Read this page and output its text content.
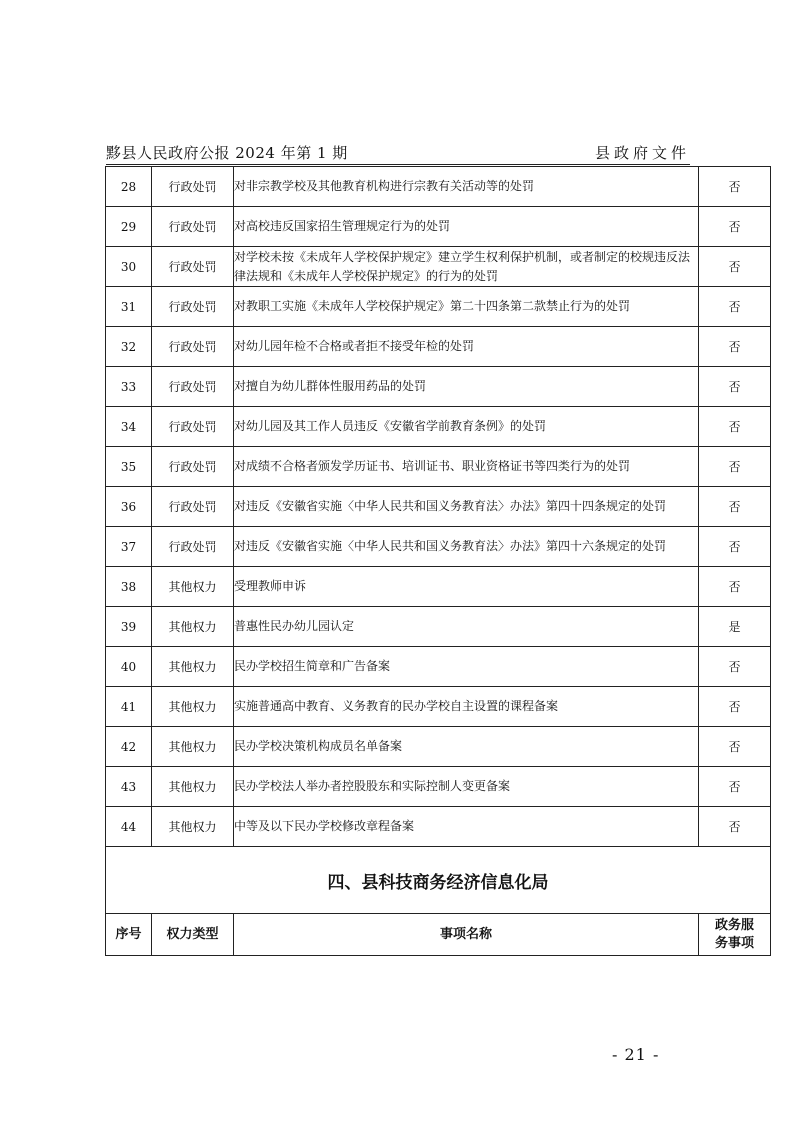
黟县人民政府公报 2024 年第 1 期	县政府文件
28	行政处罚	对非宗教学校及其他教育机构进行宗教有关活动等的处罚	否
29	行政处罚	对高校违反国家招生管理规定行为的处罚	否
30	行政处罚	对学校未按《未成年人学校保护规定》建立学生权利保护机制，或者制定的校规违反法律法规和《未成年人学校保护规定》的行为的处罚	否
31	行政处罚	对教职工实施《未成年人学校保护规定》第二十四条第二款禁止行为的处罚	否
32	行政处罚	对幼儿园年检不合格或者拒不接受年检的处罚	否
33	行政处罚	对擅自为幼儿群体性服用药品的处罚	否
34	行政处罚	对幼儿园及其工作人员违反《安徽省学前教育条例》的处罚	否
35	行政处罚	对成绩不合格者颁发学历证书、培训证书、职业资格证书等四类行为的处罚	否
36	行政处罚	对违反《安徽省实施〈中华人民共和国义务教育法〉办法》第四十四条规定的处罚	否
37	行政处罚	对违反《安徽省实施〈中华人民共和国义务教育法〉办法》第四十六条规定的处罚	否
38	其他权力	受理教师申诉	否
39	其他权力	普惠性民办幼儿园认定	是
40	其他权力	民办学校招生简章和广告备案	否
41	其他权力	实施普通高中教育、义务教育的民办学校自主设置的课程备案	否
42	其他权力	民办学校决策机构成员名单备案	否
43	其他权力	民办学校法人举办者控股股东和实际控制人变更备案	否
44	其他权力	中等及以下民办学校修改章程备案	否
四、县科技商务经济信息化局			
序号	权力类型	事项名称	政务服
务事项
- 21 -
